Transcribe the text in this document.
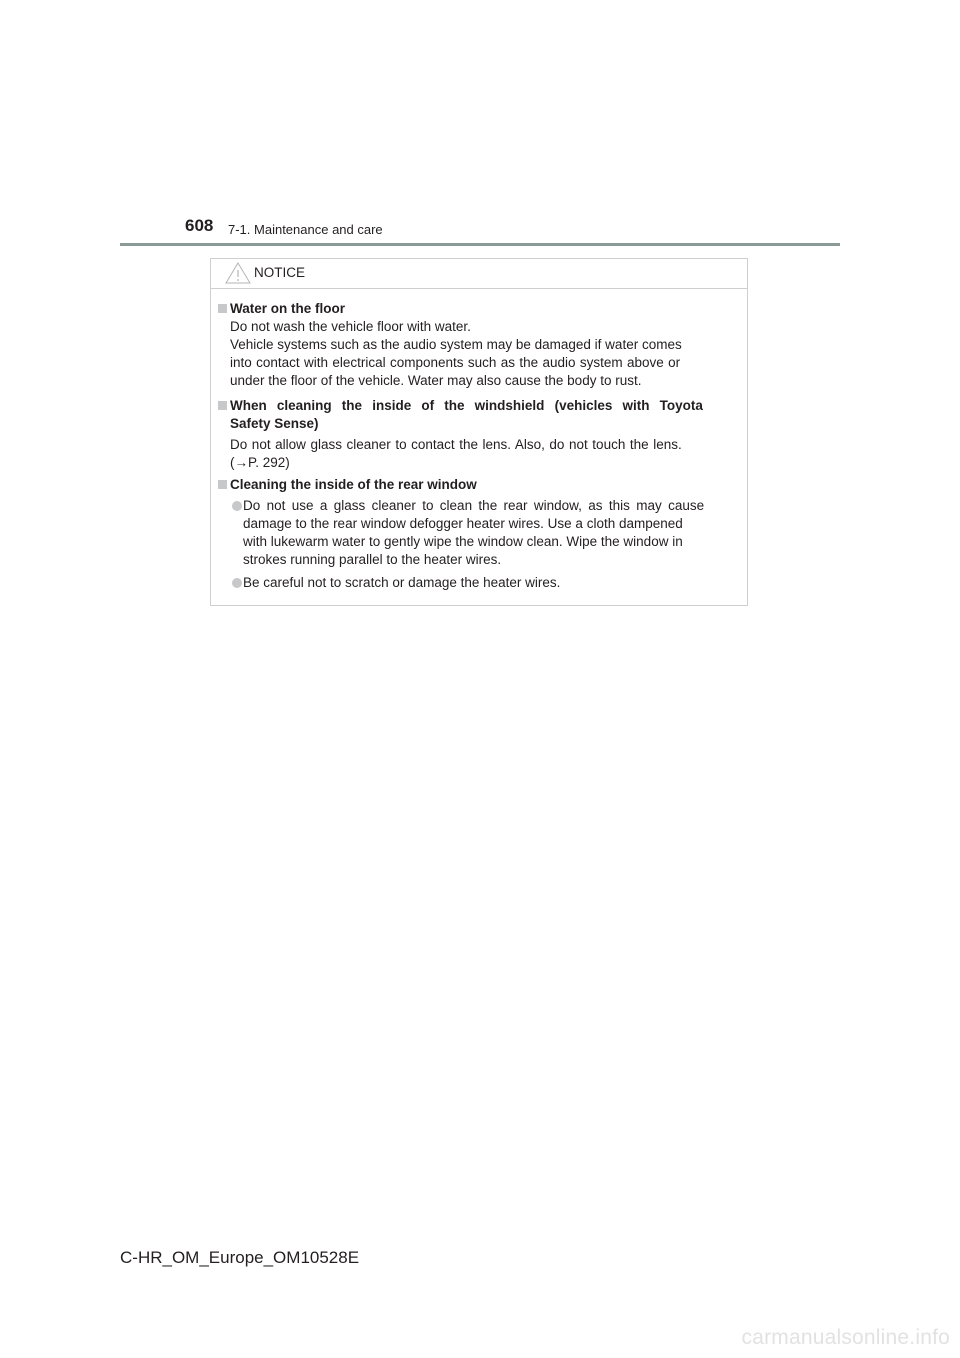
608 7-1. Maintenance and care
NOTICE
Water on the floor
Do not wash the vehicle floor with water.
Vehicle systems such as the audio system may be damaged if water comes
into contact with electrical components such as the audio system above or
under the floor of the vehicle. Water may also cause the body to rust.
When cleaning the inside of the windshield (vehicles with Toyota
Safety Sense)
Do not allow glass cleaner to contact the lens. Also, do not touch the lens.
(→P. 292)
Cleaning the inside of the rear window
Do not use a glass cleaner to clean the rear window, as this may cause
damage to the rear window defogger heater wires. Use a cloth dampened
with lukewarm water to gently wipe the window clean. Wipe the window in
strokes running parallel to the heater wires.
Be careful not to scratch or damage the heater wires.
C-HR_OM_Europe_OM10528E
carmanualsonline.info
